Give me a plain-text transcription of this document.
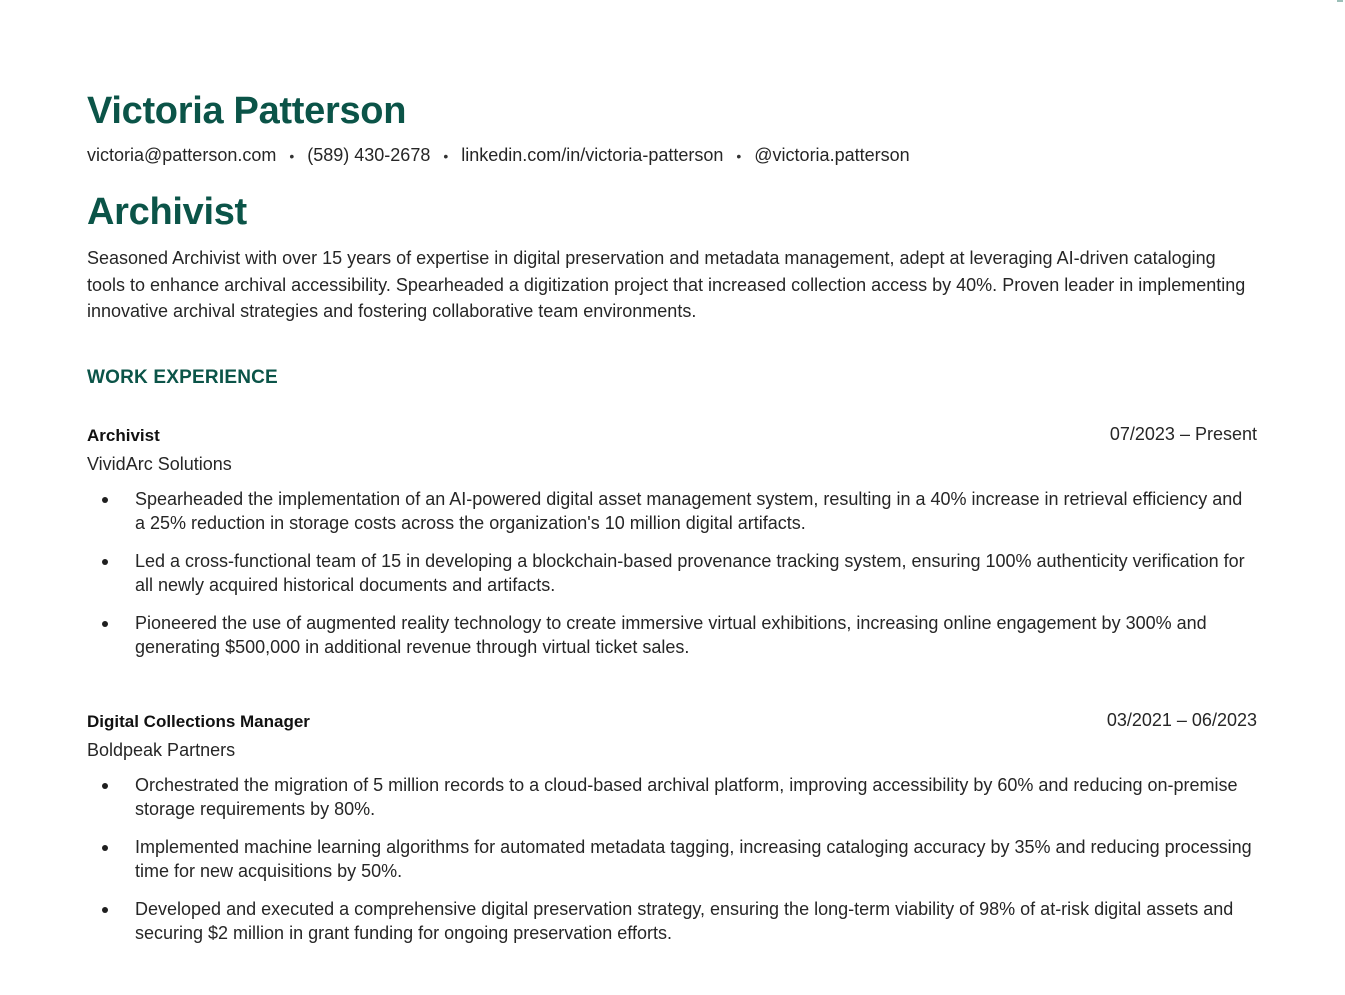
Victoria Patterson
victoria@patterson.com • (589) 430-2678 • linkedin.com/in/victoria-patterson • @victoria.patterson
Archivist

Seasoned Archivist with over 15 years of expertise in digital preservation and metadata management, adept at leveraging AI-driven cataloging tools to enhance archival accessibility. Spearheaded a digitization project that increased collection access by 40%. Proven leader in implementing innovative archival strategies and fostering collaborative team environments.

WORK EXPERIENCE
Archivist	07/2023 – Present
VividArc Solutions
Spearheaded the implementation of an AI-powered digital asset management system, resulting in a 40% increase in retrieval efficiency and a 25% reduction in storage costs across the organization's 10 million digital artifacts.
Led a cross-functional team of 15 in developing a blockchain-based provenance tracking system, ensuring 100% authenticity verification for all newly acquired historical documents and artifacts.
Pioneered the use of augmented reality technology to create immersive virtual exhibitions, increasing online engagement by 300% and generating $500,000 in additional revenue through virtual ticket sales.
Digital Collections Manager	03/2021 – 06/2023
Boldpeak Partners
Orchestrated the migration of 5 million records to a cloud-based archival platform, improving accessibility by 60% and reducing on-premise storage requirements by 80%.
Implemented machine learning algorithms for automated metadata tagging, increasing cataloging accuracy by 35% and reducing processing time for new acquisitions by 50%.
Developed and executed a comprehensive digital preservation strategy, ensuring the long-term viability of 98% of at-risk digital assets and securing $2 million in grant funding for ongoing preservation efforts.
